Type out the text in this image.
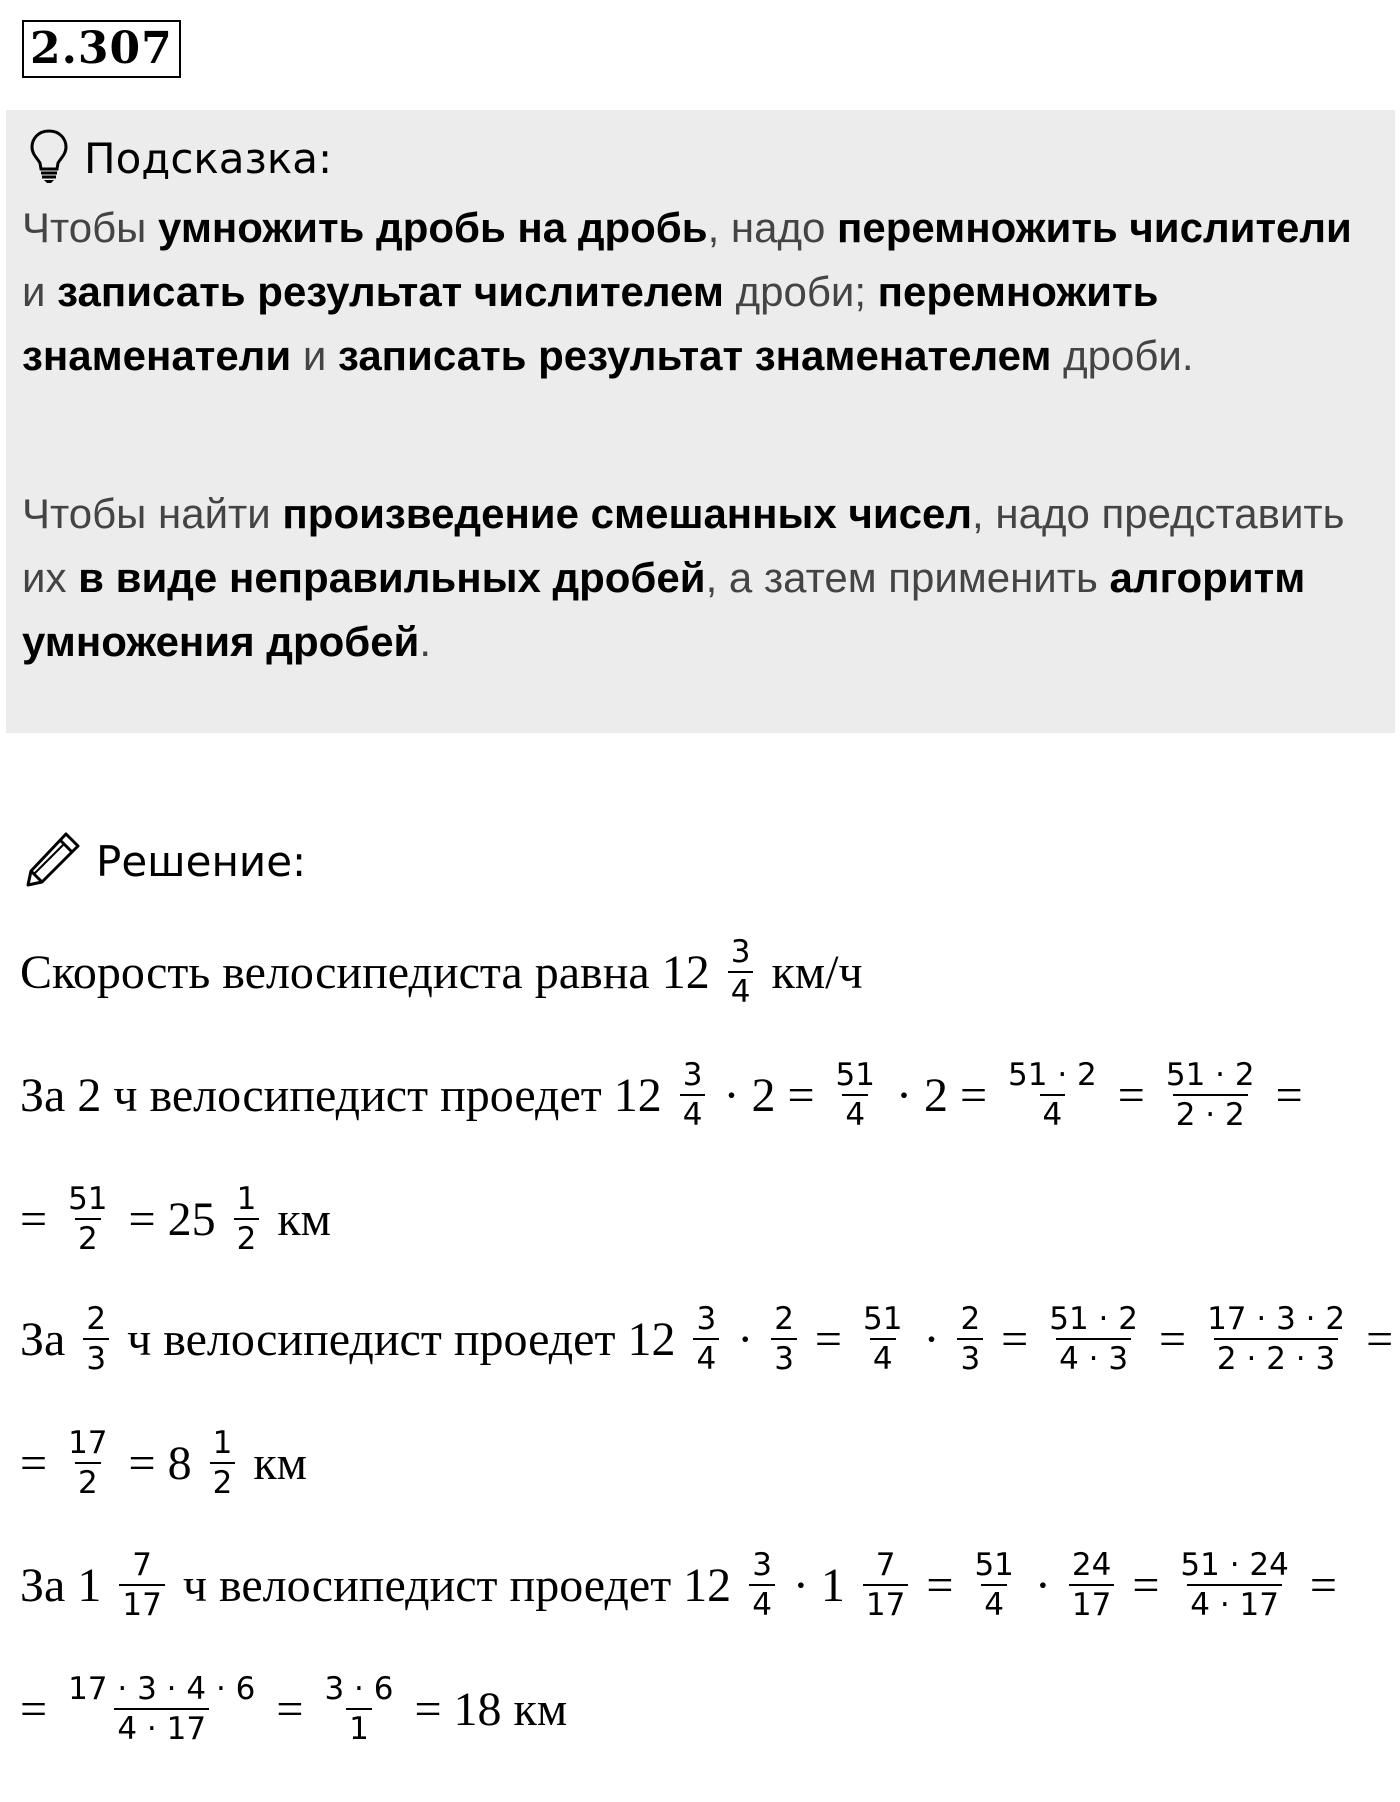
2.307
Подсказка:
Чтобы умножить дробь на дробь, надо перемножить числители и записать результат числителем дроби; перемножить знаменатели и записать результат знаменателем дроби.
Чтобы найти произведение смешанных чисел, надо представить их в виде неправильных дробей, а затем применить алгоритм умножения дробей.
Решение:
Скорость велосипедиста равна $12 \frac{3}{4} км/ч$
За 2 ч велосипедист проедет $12 \frac{3}{4} \cdot 2 = \frac{51}{4} \cdot 2 = \frac{51 \cdot 2}{4} = \frac{51 \cdot 2}{2 \cdot 2}$ =
= $\frac{51}{2} = 25 \frac{1}{2}$ км
За $\frac{2}{3}$ ч велосипедист проедет $12 \frac{3}{4} \cdot \frac{2}{3} = \frac{51}{4} \cdot \frac{2}{3} = \frac{51 \cdot 2}{4 \cdot 3} = \frac{17 \cdot 3 \cdot 2}{2 \cdot 2 \cdot 3}$ =
= $\frac{17}{2} = 8 \frac{1}{2}$ км
За $1 \frac{7}{17}$ ч велосипедист проедет $12 \frac{3}{4} \cdot 1 \frac{7}{17} = \frac{51}{4} \cdot \frac{24}{17} = \frac{51 \cdot 24}{4 \cdot 17}$ =
= $\frac{17 \cdot 3 \cdot 4 \cdot 6}{4 \cdot 17} = \frac{3 \cdot 6}{1} = 18$ км
